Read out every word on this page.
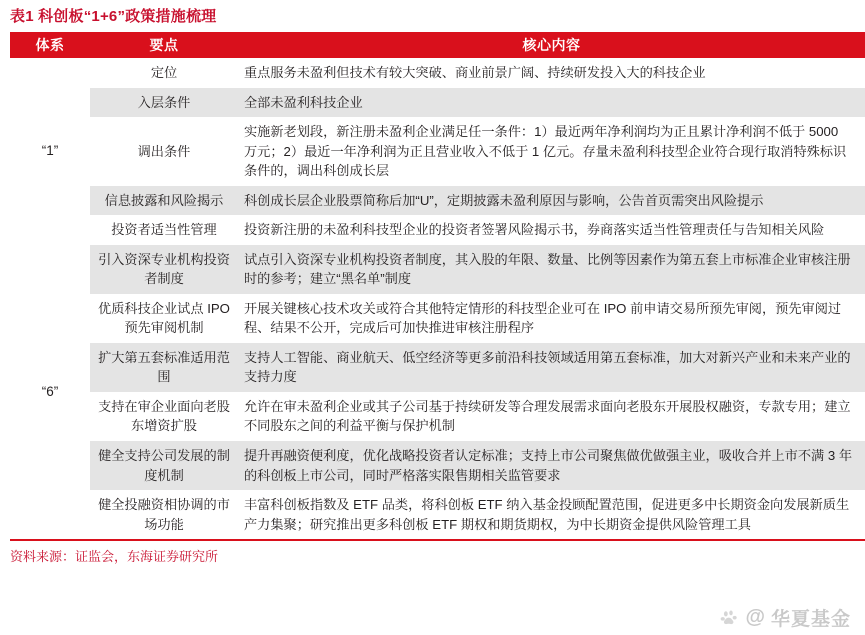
表1 科创板“1+6”政策措施梳理
体系	要点	核心内容
“1”	定位	重点服务未盈利但技术有较大突破、商业前景广阔、持续研发投入大的科技企业
	入层条件	全部未盈利科技企业
	调出条件	实施新老划段，新注册未盈利企业满足任一条件：1）最近两年净利润均为正且累计净利润不低于 5000 万元；2）最近一年净利润为正且营业收入不低于 1 亿元。存量未盈利科技型企业符合现行取消特殊标识条件的，调出科创成长层
	信息披露和风险揭示	科创成长层企业股票简称后加“U”，定期披露未盈利原因与影响，公告首页需突出风险提示
	投资者适当性管理	投资新注册的未盈利科技型企业的投资者签署风险揭示书，券商落实适当性管理责任与告知相关风险
“6”	引入资深专业机构投资者制度	试点引入资深专业机构投资者制度，其入股的年限、数量、比例等因素作为第五套上市标准企业审核注册时的参考；建立“黑名单”制度
	优质科技企业试点 IPO 预先审阅机制	开展关键核心技术攻关或符合其他特定情形的科技型企业可在 IPO 前申请交易所预先审阅，预先审阅过程、结果不公开，完成后可加快推进审核注册程序
	扩大第五套标准适用范围	支持人工智能、商业航天、低空经济等更多前沿科技领域适用第五套标准，加大对新兴产业和未来产业的支持力度
	支持在审企业面向老股东增资扩股	允许在审未盈利企业或其子公司基于持续研发等合理发展需求面向老股东开展股权融资，专款专用；建立不同股东之间的利益平衡与保护机制
	健全支持公司发展的制度机制	提升再融资便利度，优化战略投资者认定标准；支持上市公司聚焦做优做强主业，吸收合并上市不满 3 年的科创板上市公司，同时严格落实限售期相关监管要求
	健全投融资相协调的市场功能	丰富科创板指数及 ETF 品类，将科创板 ETF 纳入基金投顾配置范围，促进更多中长期资金向发展新质生产力集聚；研究推出更多科创板 ETF 期权和期货期权，为中长期资金提供风险管理工具
资料来源：证监会，东海证券研究所
@ 华夏基金
